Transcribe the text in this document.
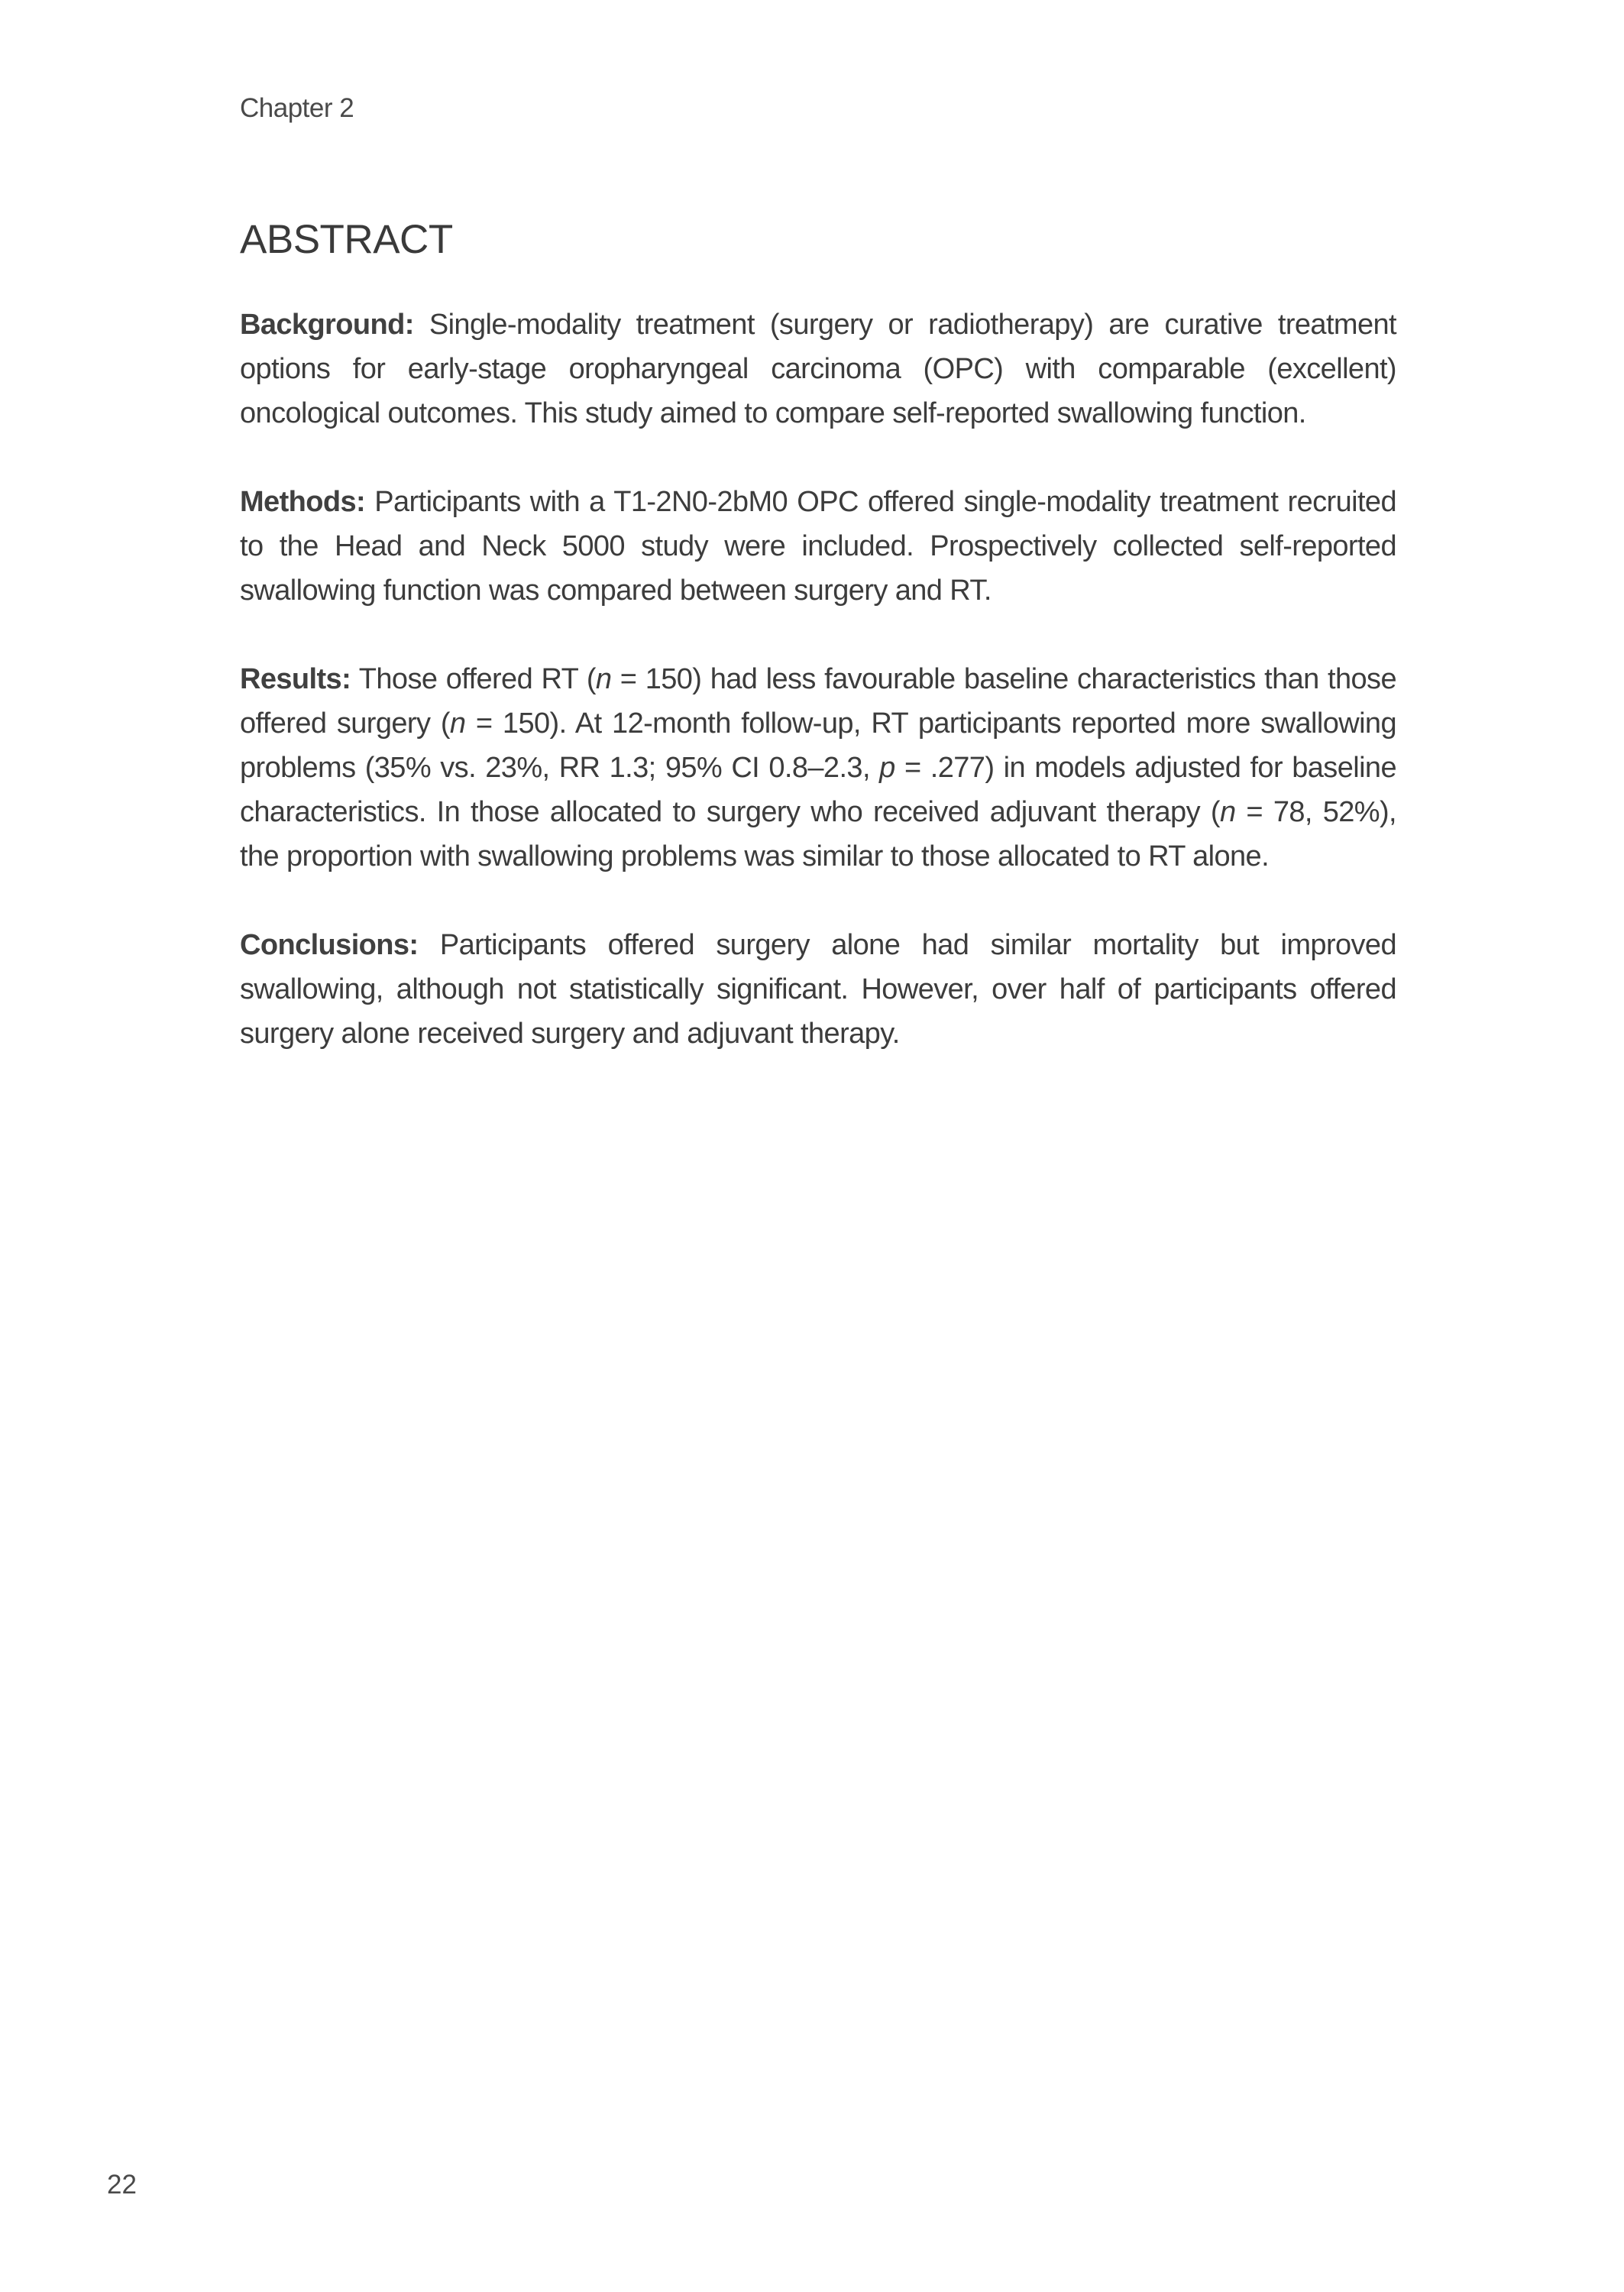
Chapter 2
ABSTRACT

Background: Single-modality treatment (surgery or radiotherapy) are curative treatment options for early-stage oropharyngeal carcinoma (OPC) with comparable (excellent) oncological outcomes. This study aimed to compare self-reported swallowing function.

Methods: Participants with a T1-2N0-2bM0 OPC offered single-modality treatment recruited to the Head and Neck 5000 study were included. Prospectively collected self-reported swallowing function was compared between surgery and RT.

Results: Those offered RT (n = 150) had less favourable baseline characteristics than those offered surgery (n = 150). At 12-month follow-up, RT participants reported more swallowing problems (35% vs. 23%, RR 1.3; 95% CI 0.8–2.3, p = .277) in models adjusted for baseline characteristics. In those allocated to surgery who received adjuvant therapy (n = 78, 52%), the proportion with swallowing problems was similar to those allocated to RT alone.

Conclusions: Participants offered surgery alone had similar mortality but improved swallowing, although not statistically significant. However, over half of participants offered surgery alone received surgery and adjuvant therapy.

22
